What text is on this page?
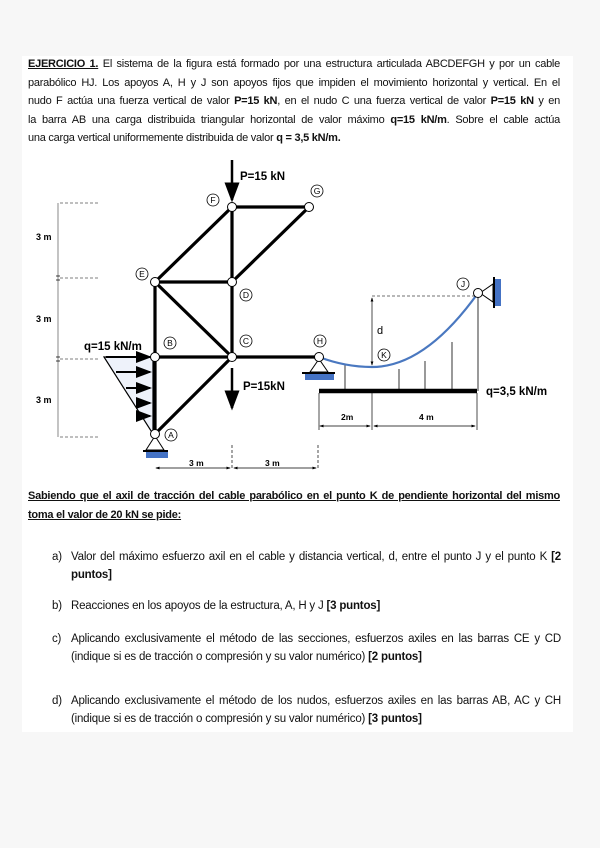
EJERCICIO 1. El sistema de la figura está formado por una estructura articulada ABCDEFGH y por un cable
parabólico HJ. Los apoyos A, H y J son apoyos fijos que impiden el movimiento horizontal y vertical. En el
nudo F actúa una fuerza vertical de valor P=15 kN, en el nudo C una fuerza vertical de valor P=15 kN y en
la barra AB una carga distribuida triangular horizontal de valor máximo q=15 kN/m. Sobre el cable actúa
una carga vertical uniformemente distribuida de valor q = 3,5 kN/m.
3 m
3 m
3 m
q=15 kN/m
P=15 kN
P=15kN	q=3,5 kN/m
d
2m	4 m
3 m	3 m
F
G
E
D
B	C
A
H
J
K
Sabiendo que el axil de tracción del cable parabólico en el punto K de pendiente horizontal del mismo
toma el valor de 20 kN se pide:
a) Valor del máximo esfuerzo axil en el cable y distancia vertical, d, entre el punto J y el punto K [2 puntos]
b) Reacciones en los apoyos de la estructura, A, H y J [3 puntos]
c) Aplicando exclusivamente el método de las secciones, esfuerzos axiles en las barras CE y CD (indique si es de tracción o compresión y su valor numérico) [2 puntos]
d) Aplicando exclusivamente el método de los nudos, esfuerzos axiles en las barras AB, AC y CH (indique si es de tracción o compresión y su valor numérico) [3 puntos]
